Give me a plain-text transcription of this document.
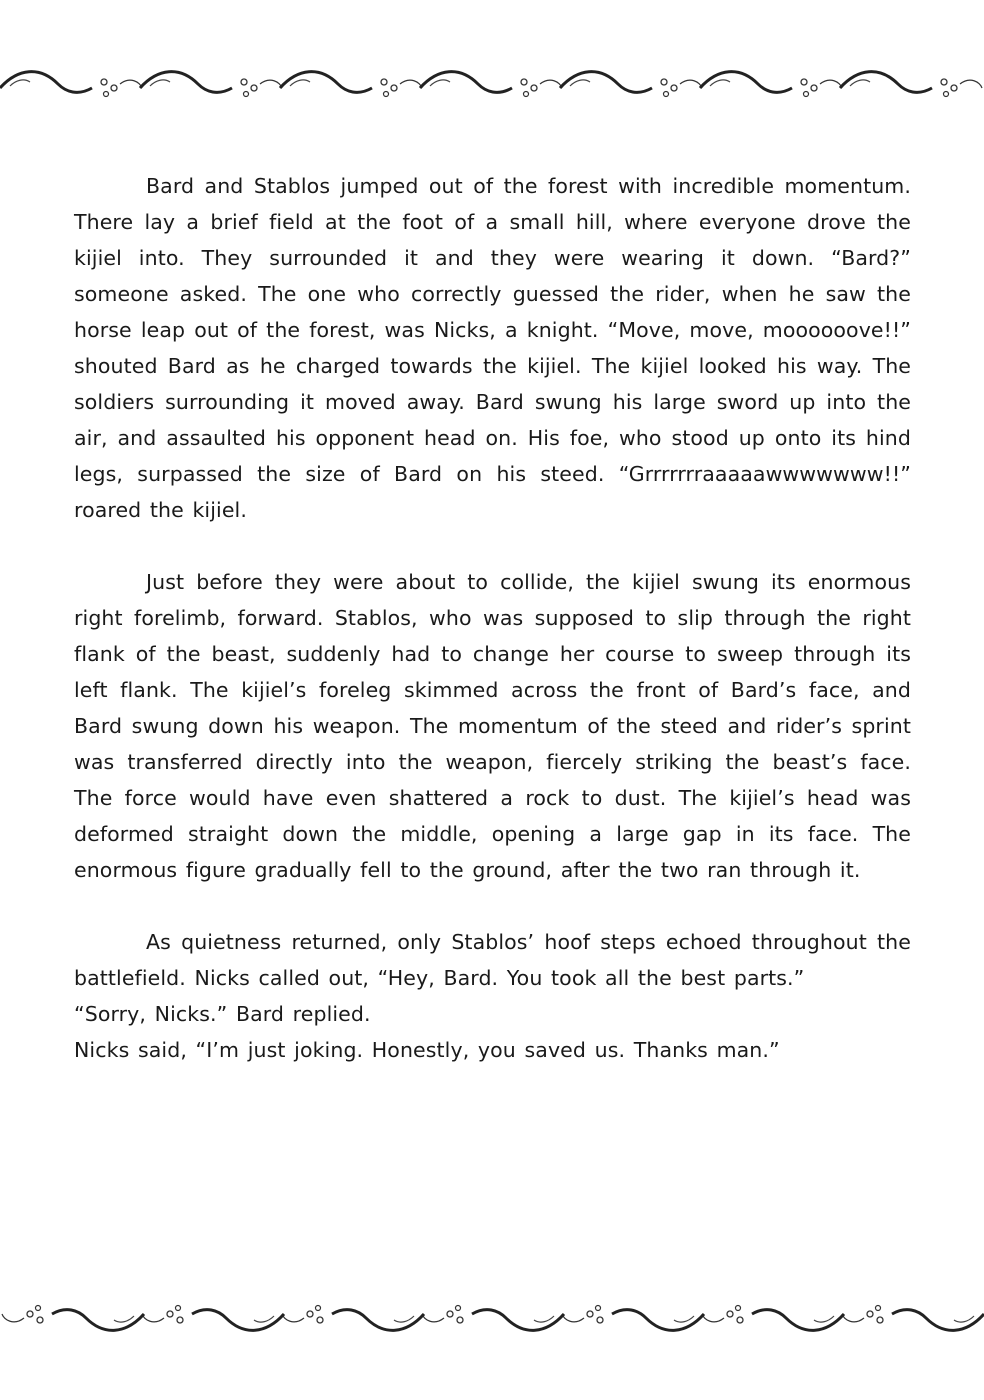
Bard and Stablos jumped out of the forest with incredible momentum. There lay a brief field at the foot of a small hill, where everyone drove the kijiel into. They surrounded it and they were wearing it down. “Bard?” someone asked. The one who correctly guessed the rider, when he saw the horse leap out of the forest, was Nicks, a knight. “Move, move, moooooove!!” shouted Bard as he charged towards the kijiel. The kijiel looked his way. The soldiers surrounding it moved away. Bard swung his large sword up into the air, and assaulted his opponent head on. His foe, who stood up onto its hind legs, surpassed the size of Bard on his steed. “Grrrrrrraaaaawwwwwww!!” roared the kijiel.

Just before they were about to collide, the kijiel swung its enormous right forelimb, forward. Stablos, who was supposed to slip through the right flank of the beast, suddenly had to change her course to sweep through its left flank. The kijiel’s foreleg skimmed across the front of Bard’s face, and Bard swung down his weapon. The momentum of the steed and rider’s sprint was transferred directly into the weapon, fiercely striking the beast’s face. The force would have even shattered a rock to dust. The kijiel’s head was deformed straight down the middle, opening a large gap in its face. The enormous figure gradually fell to the ground, after the two ran through it.

As quietness returned, only Stablos’ hoof steps echoed throughout the
battlefield. Nicks called out, “Hey, Bard. You took all the best parts.”
“Sorry, Nicks.” Bard replied.
Nicks said, “I’m just joking. Honestly, you saved us. Thanks man.”
